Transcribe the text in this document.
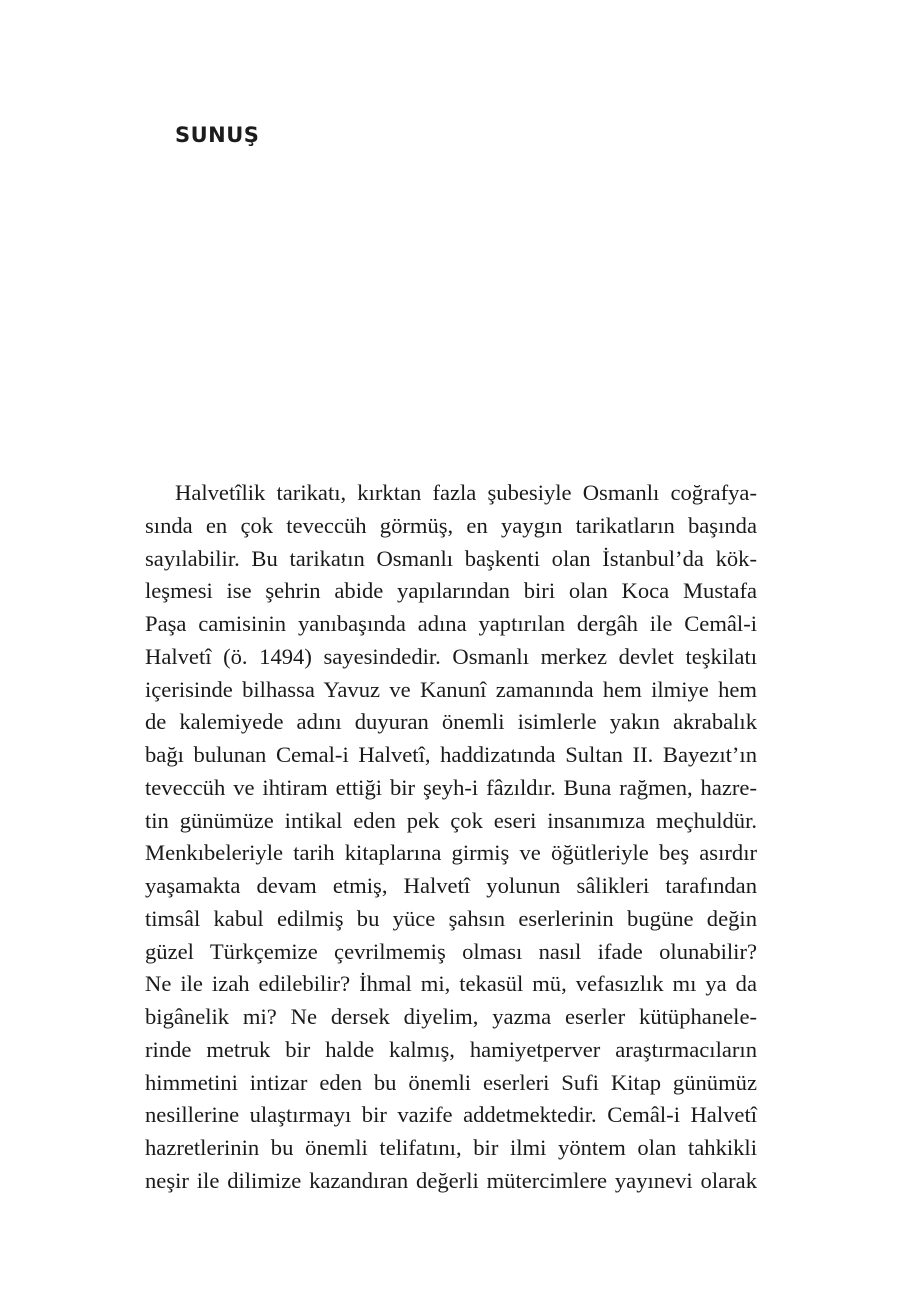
SUNUŞ
Halvetîlik tarikatı, kırktan fazla şubesiyle Osmanlı coğrafya-
sında en çok teveccüh görmüş, en yaygın tarikatların başında
sayılabilir. Bu tarikatın Osmanlı başkenti olan İstanbul’da kök-
leşmesi ise şehrin abide yapılarından biri olan Koca Mustafa
Paşa camisinin yanıbaşında adına yaptırılan dergâh ile Cemâl-i
Halvetî (ö. 1494) sayesindedir. Osmanlı merkez devlet teşkilatı
içerisinde bilhassa Yavuz ve Kanunî zamanında hem ilmiye hem
de kalemiyede adını duyuran önemli isimlerle yakın akrabalık
bağı bulunan Cemal-i Halvetî, haddizatında Sultan II. Bayezıt’ın
teveccüh ve ihtiram ettiği bir şeyh-i fâzıldır. Buna rağmen, hazre-
tin günümüze intikal eden pek çok eseri insanımıza meçhuldür.
Menkıbeleriyle tarih kitaplarına girmiş ve öğütleriyle beş asırdır
yaşamakta devam etmiş, Halvetî yolunun sâlikleri tarafından
timsâl kabul edilmiş bu yüce şahsın eserlerinin bugüne değin
güzel Türkçemize çevrilmemiş olması nasıl ifade olunabilir?
Ne ile izah edilebilir? İhmal mi, tekasül mü, vefasızlık mı ya da
bigânelik mi? Ne dersek diyelim, yazma eserler kütüphanele-
rinde metruk bir halde kalmış, hamiyetperver araştırmacıların
himmetini intizar eden bu önemli eserleri Sufi Kitap günümüz
nesillerine ulaştırmayı bir vazife addetmektedir. Cemâl-i Halvetî
hazretlerinin bu önemli telifatını, bir ilmi yöntem olan tahkikli
neşir ile dilimize kazandıran değerli mütercimlere yayınevi olarak
